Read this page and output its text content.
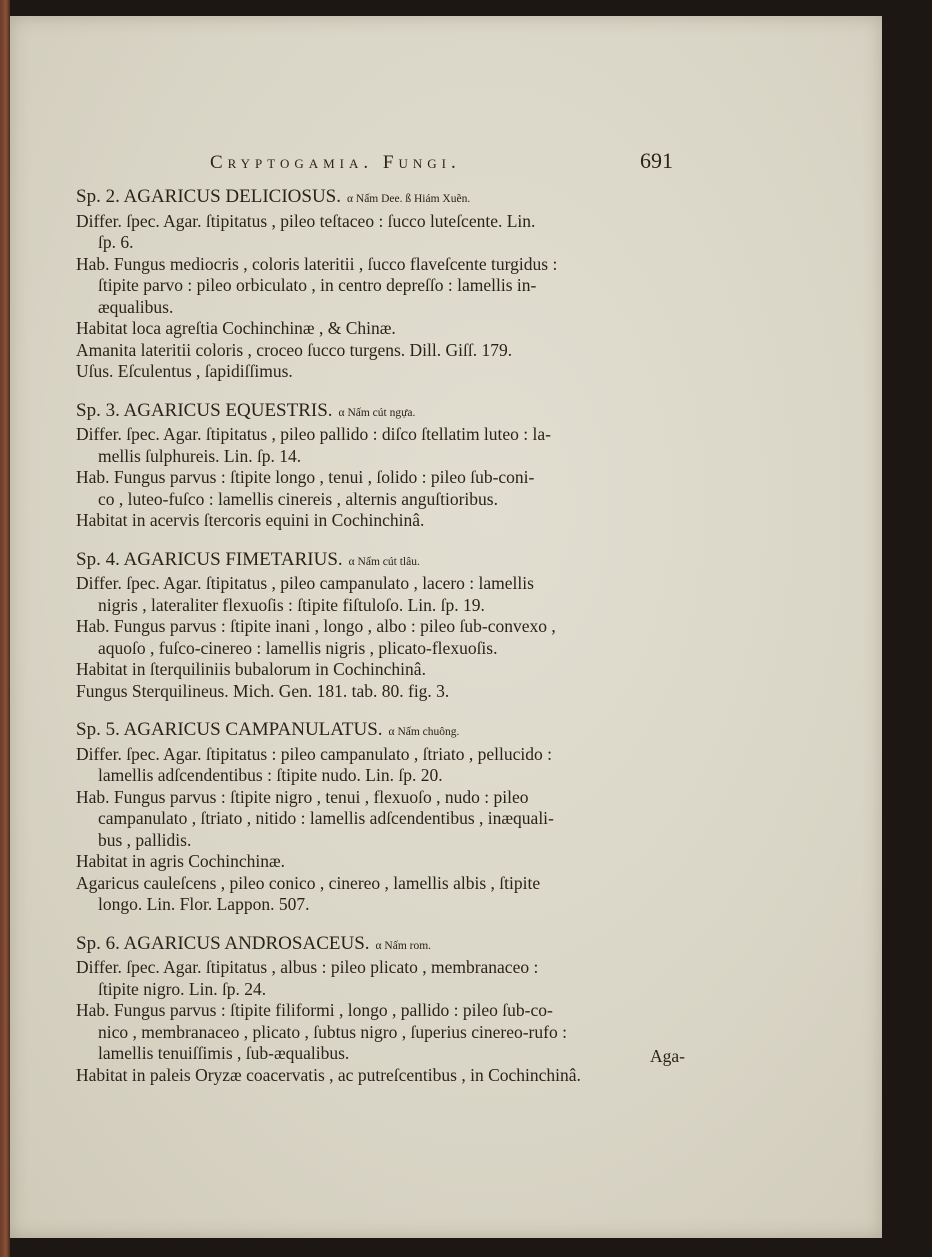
Cryptogamia. Fungi.	691
Sp. 2. AGARICUS DELICIOSUS. α Nấm Dee. ß Hiám Xuẽn.
Differ. ſpec. Agar. ſtipitatus , pileo teſtaceo : ſucco luteſcente. Lin.
ſp. 6.
Hab. Fungus mediocris , coloris lateritii , ſucco flaveſcente turgidus :
ſtipite parvo : pileo orbiculato , in centro depreſſo : lamellis in-
æqualibus.
Habitat loca agreſtia Cochinchinæ , & Chinæ.
Amanita lateritii coloris , croceo ſucco turgens. Dill. Giſſ. 179.
Uſus. Eſculentus , ſapidiſſimus.
Sp. 3. AGARICUS EQUESTRIS. α Nấm cút ngựa.
Differ. ſpec. Agar. ſtipitatus , pileo pallido : diſco ſtellatim luteo : la-
mellis ſulphureis. Lin. ſp. 14.
Hab. Fungus parvus : ſtipite longo , tenui , ſolido : pileo ſub-coni-
co , luteo-fuſco : lamellis cinereis , alternis anguſtioribus.
Habitat in acervis ſtercoris equini in Cochinchinâ.
Sp. 4. AGARICUS FIMETARIUS. α Nấm cút tlâu.
Differ. ſpec. Agar. ſtipitatus , pileo campanulato , lacero : lamellis
nigris , lateraliter flexuoſis : ſtipite fiſtuloſo. Lin. ſp. 19.
Hab. Fungus parvus : ſtipite inani , longo , albo : pileo ſub-convexo ,
aquoſo , fuſco-cinereo : lamellis nigris , plicato-flexuoſis.
Habitat in ſterquiliniis bubalorum in Cochinchinâ.
Fungus Sterquilineus. Mich. Gen. 181. tab. 80. fig. 3.
Sp. 5. AGARICUS CAMPANULATUS. α Nấm chuông.
Differ. ſpec. Agar. ſtipitatus : pileo campanulato , ſtriato , pellucido :
lamellis adſcendentibus : ſtipite nudo. Lin. ſp. 20.
Hab. Fungus parvus : ſtipite nigro , tenui , flexuoſo , nudo : pileo
campanulato , ſtriato , nitido : lamellis adſcendentibus , inæquali-
bus , pallidis.
Habitat in agris Cochinchinæ.
Agaricus cauleſcens , pileo conico , cinereo , lamellis albis , ſtipite
longo. Lin. Flor. Lappon. 507.
Sp. 6. AGARICUS ANDROSACEUS. α Nấm rom.
Differ. ſpec. Agar. ſtipitatus , albus : pileo plicato , membranaceo :
ſtipite nigro. Lin. ſp. 24.
Hab. Fungus parvus : ſtipite filiformi , longo , pallido : pileo ſub-co-
nico , membranaceo , plicato , ſubtus nigro , ſuperius cinereo-rufo :
lamellis tenuiſſimis , ſub-æqualibus.
Habitat in paleis Oryzæ coacervatis , ac putreſcentibus , in Cochinchinâ.
Aga-
